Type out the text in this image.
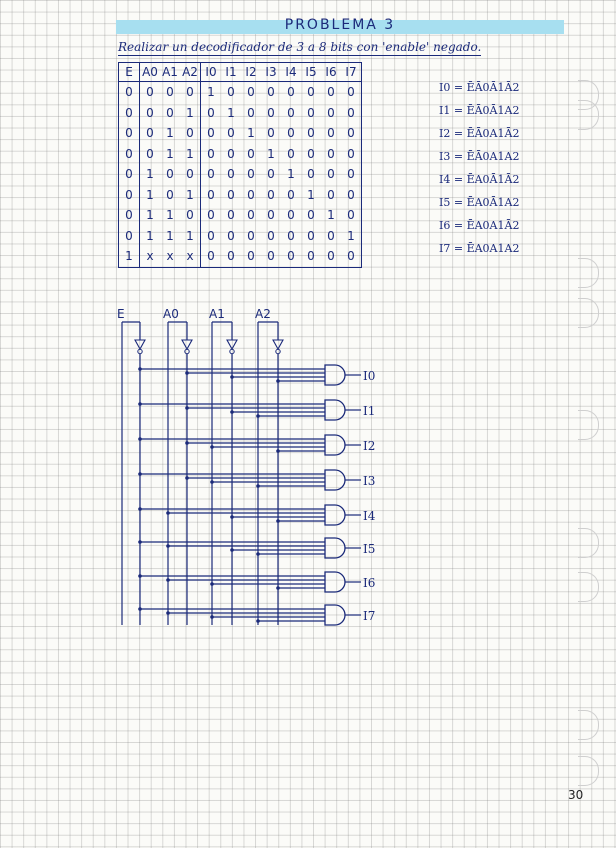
PROBLEMA 3
Realizar un decodificador de 3 a 8 bits con 'enable' negado.
E	A0	A1	A2	I0	I1	I2	I3	I4	I5	I6	I7
0	0	0	0	1	0	0	0	0	0	0	0
0	0	0	1	0	1	0	0	0	0	0	0
0	0	1	0	0	0	1	0	0	0	0	0
0	0	1	1	0	0	0	1	0	0	0	0
0	1	0	0	0	0	0	0	1	0	0	0
0	1	0	1	0	0	0	0	0	1	0	0
0	1	1	0	0	0	0	0	0	0	1	0
0	1	1	1	0	0	0	0	0	0	0	1
1	x	x	x	0	0	0	0	0	0	0	0
I0 = ĒĀ0Ā1Ā2
I1 = ĒĀ0Ā1A2
I2 = ĒĀ0A1Ā2
I3 = ĒĀ0A1A2
I4 = ĒA0Ā1Ā2
I5 = ĒA0Ā1A2
I6 = ĒA0A1Ā2
I7 = ĒA0A1A2
E	A0	A1	A2
I0
I1
I2
I3
I4
I5
I6
I7
30
